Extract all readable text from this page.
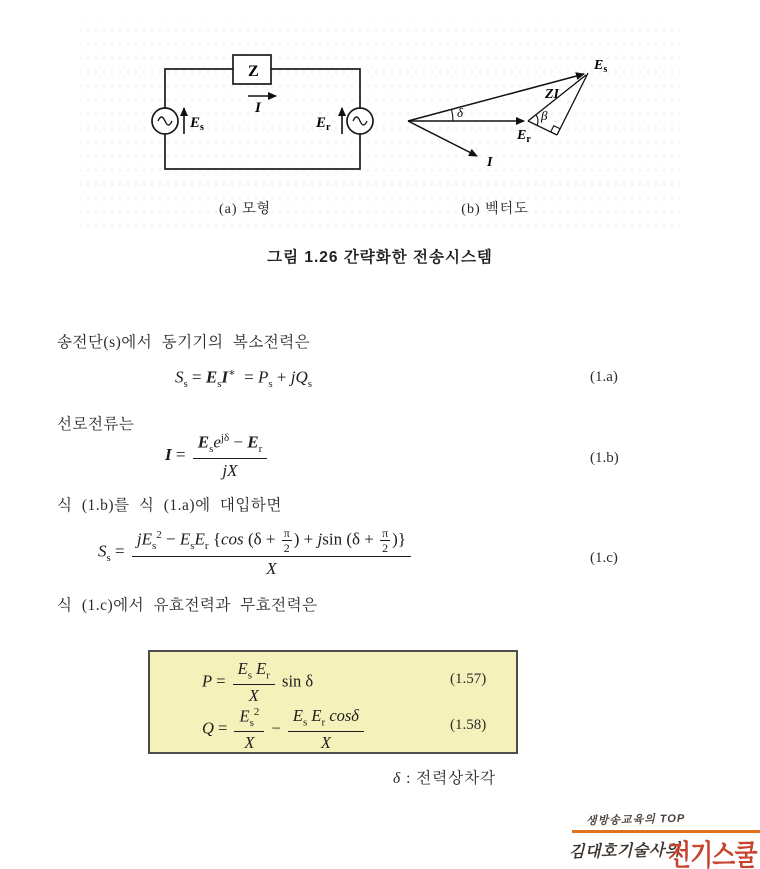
Z
I
$E_s$	$E_r$
δ	β
ZI
$E_s$
$E_r$
I
(a) 모형	(b) 벡터도
그림 1.26 간략화한 전송시스템
송전단(s)에서 동기기의 복소전력은
$S_s = E_sI^∗ = P_s + jQ_s$	(1.a)
선로전류는
$I = \frac{E_se^{j\delta} - E_r}{jX}$	(1.b)
식 (1.b)를 식 (1.a)에 대입하면
$S_s = \frac{jE_s^2 - E_sE_r \{\cos (\delta + \frac{\pi}{2} ) + jsin (\delta + \frac{\pi}{2} )\}}{X}$	(1.c)
식 (1.c)에서 유효전력과 무효전력은
$P = \frac{E_s E_r}{X}$ sin δ	(1.57)
$Q = \frac{E_s^2}{X} - \frac{E_s E_r \cos\delta}{X}$	(1.58)
δ : 전력상차각
생방송교육의 TOP
김대호기술사의
전기스쿨
